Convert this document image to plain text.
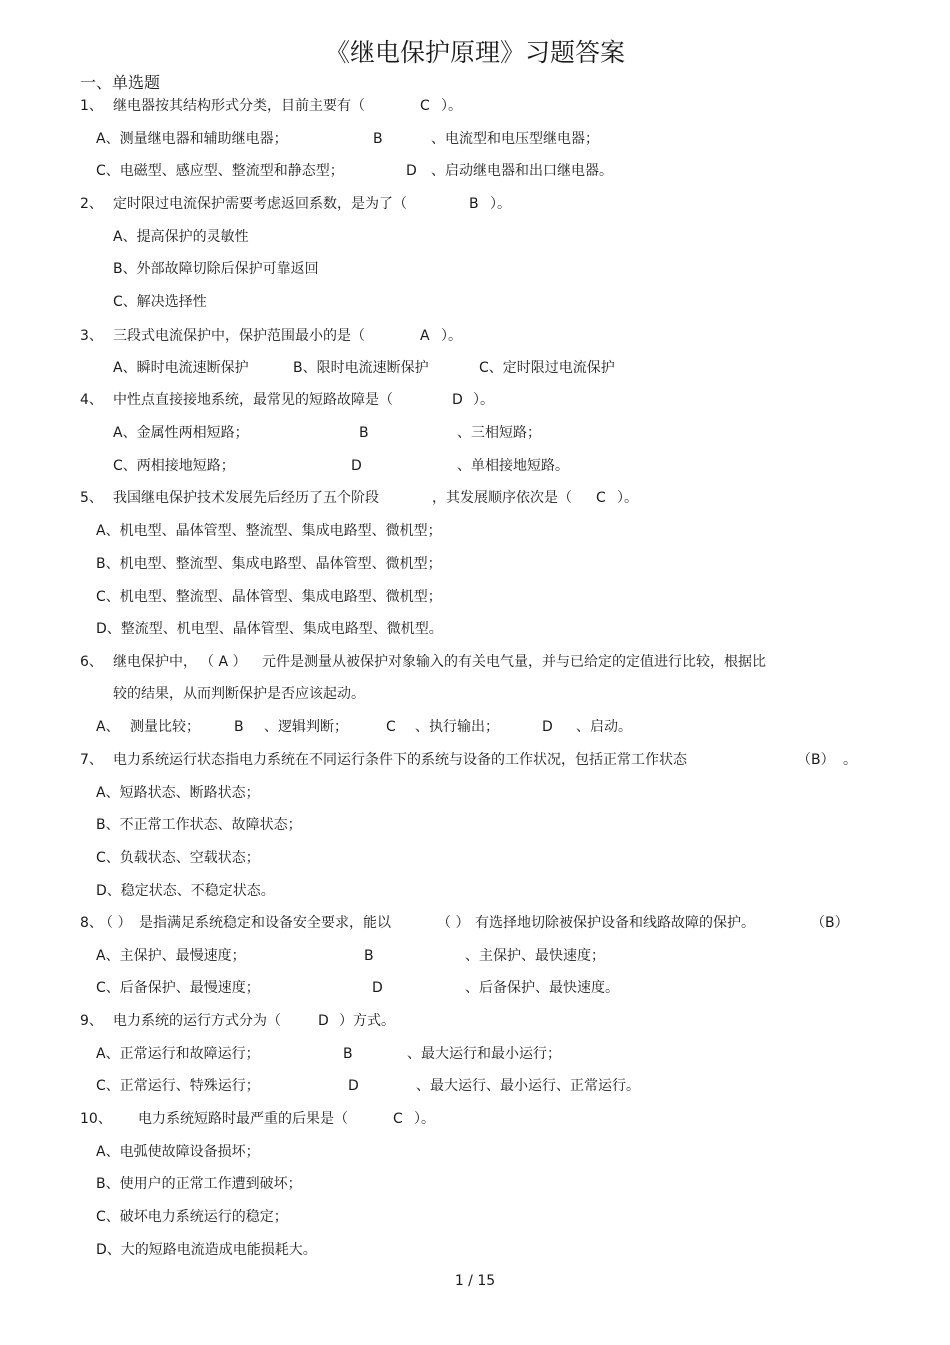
《继电保护原理》习题答案
一、单选题
1、 继电器按其结构形式分类，目前主要有（	C ）。
A、测量继电器和辅助继电器；	B	、电流型和电压型继电器；
C、电磁型、感应型、整流型和静态型；	D 、启动继电器和出口继电器。
2、 定时限过电流保护需要考虑返回系数，是为了（	B ）。
A、提高保护的灵敏性
B、外部故障切除后保护可靠返回
C、解决选择性
3、 三段式电流保护中，保护范围最小的是（	A ）。
A、瞬时电流速断保护	B、限时电流速断保护	C、定时限过电流保护
4、 中性点直接接地系统，最常见的短路故障是（	D ）。
A、金属性两相短路；	B	、三相短路；
C、两相接地短路；	D	、单相接地短路。
5、 我国继电保护技术发展先后经历了五个阶段	，其发展顺序依次是（ C ）。
A、机电型、晶体管型、整流型、集成电路型、微机型；
B、机电型、整流型、集成电路型、晶体管型、微机型；
C、机电型、整流型、晶体管型、集成电路型、微机型；
D、整流型、机电型、晶体管型、集成电路型、微机型。
6、 继电保护中， （ A ） 元件是测量从被保护对象输入的有关电气量，并与已给定的定值进行比较，根据比
较的结果，从而判断保护是否应该起动。
A、 测量比较； B 、逻辑判断；	C 、执行输出；	D 、启动。
7、 电力系统运行状态指电力系统在不同运行条件下的系统与设备的工作状况，包括正常工作状态	（B） 。
A、短路状态、断路状态；
B、不正常工作状态、故障状态；
C、负载状态、空载状态；
D、稳定状态、不稳定状态。
8、
（ ） 是指满足系统稳定和设备安全要求，能以	（ ） 有选择地切除被保护设备和线路故障的保护。	（B）
A、主保护、最慢速度；	B	、主保护、最快速度；
C、后备保护、最慢速度；	D	、后备保护、最快速度。
9、 电力系统的运行方式分为（	D ）方式。
A、正常运行和故障运行；	B	、最大运行和最小运行；
C、正常运行、特殊运行；	D	、最大运行、最小运行、正常运行。
10、 电力系统短路时最严重的后果是（	C ）。
A、电弧使故障设备损坏；
B、使用户的正常工作遭到破坏；
C、破坏电力系统运行的稳定；
D、大的短路电流造成电能损耗大。
1 / 15
